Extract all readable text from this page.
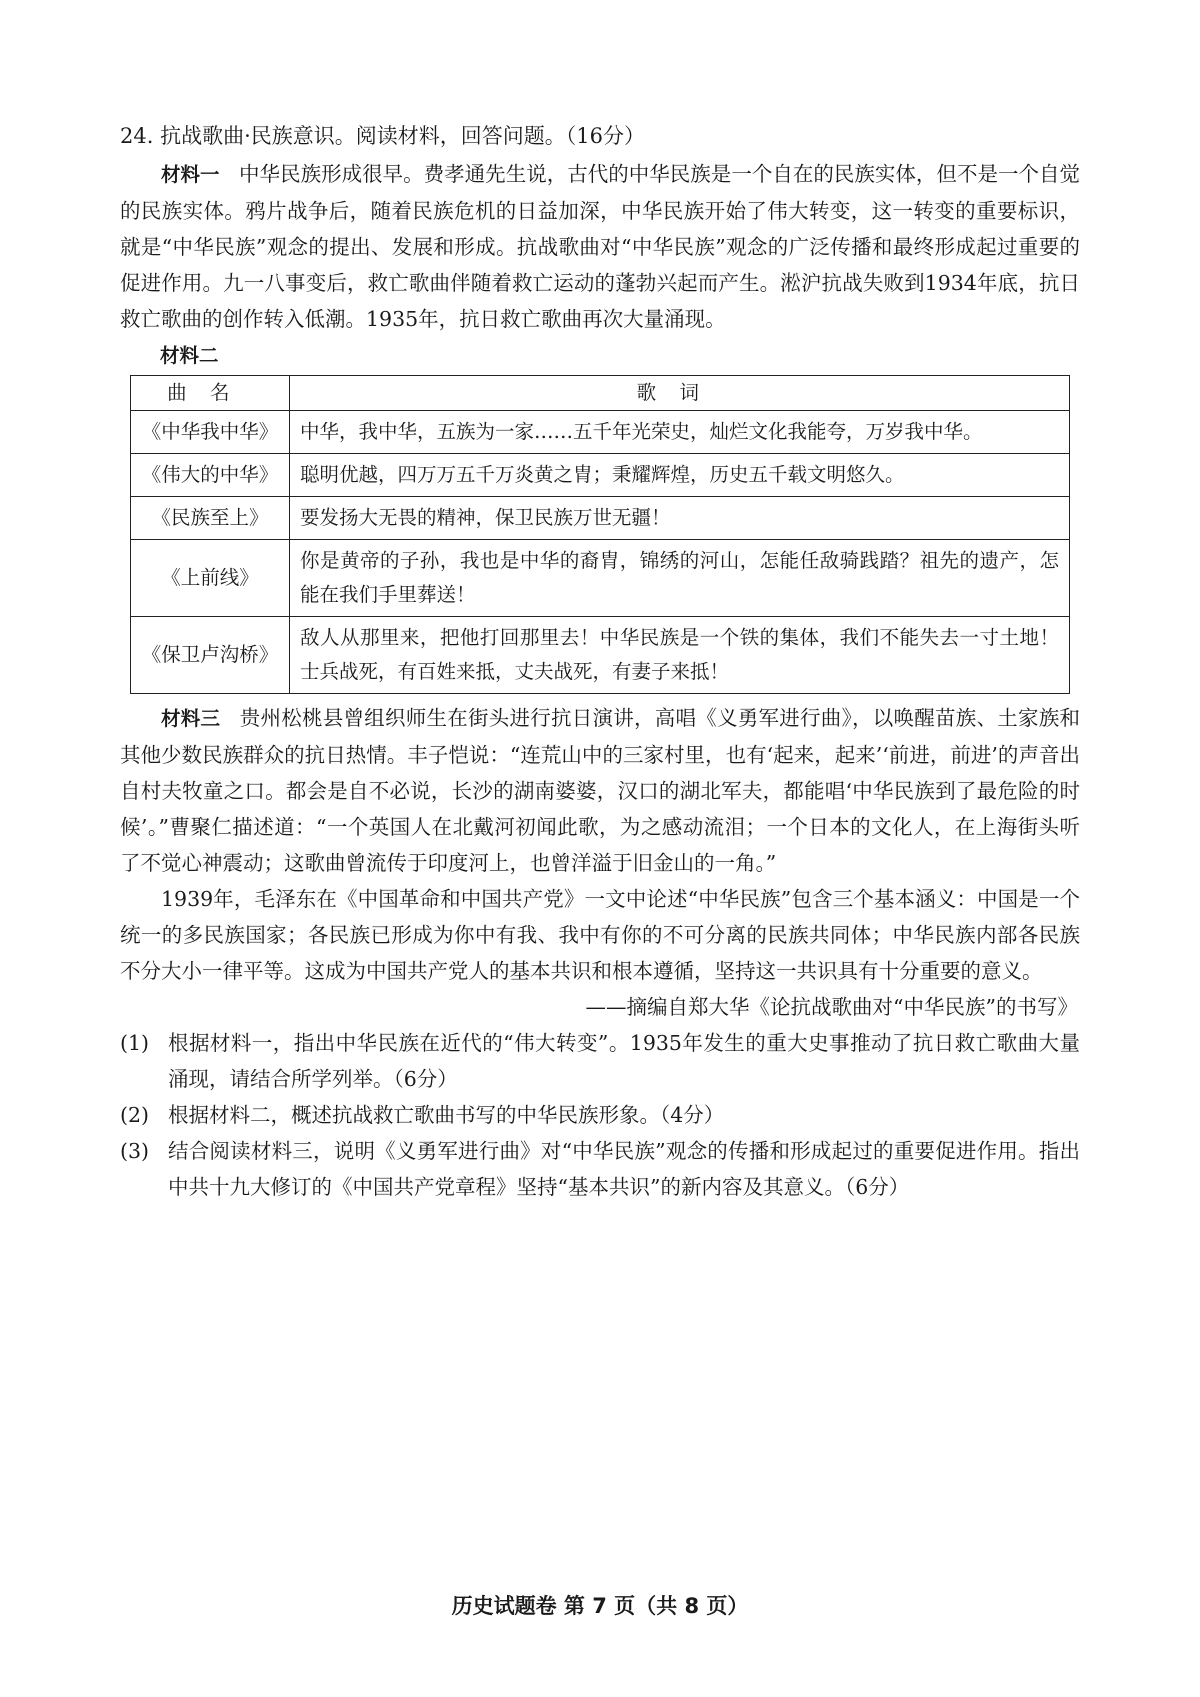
24. 抗战歌曲·民族意识。阅读材料，回答问题。（16分）

材料一 中华民族形成很早。费孝通先生说，古代的中华民族是一个自在的民族实体，但不是一个自觉的民族实体。鸦片战争后，随着民族危机的日益加深，中华民族开始了伟大转变，这一转变的重要标识，就是“中华民族”观念的提出、发展和形成。抗战歌曲对“中华民族”观念的广泛传播和最终形成起过重要的促进作用。九一八事变后，救亡歌曲伴随着救亡运动的蓬勃兴起而产生。淞沪抗战失败到1934年底，抗日救亡歌曲的创作转入低潮。1935年，抗日救亡歌曲再次大量涌现。

材料二

曲名	歌词
《中华我中华》	中华，我中华，五族为一家……五千年光荣史，灿烂文化我能夸，万岁我中华。
《伟大的中华》	聪明优越，四万万五千万炎黄之胄；秉耀辉煌，历史五千载文明悠久。
《民族至上》	要发扬大无畏的精神，保卫民族万世无疆！
《上前线》	你是黄帝的子孙，我也是中华的裔胄，锦绣的河山，怎能任敌骑践踏？祖先的遗产，怎能在我们手里葬送！
《保卫卢沟桥》	敌人从那里来，把他打回那里去！中华民族是一个铁的集体，我们不能失去一寸土地！士兵战死，有百姓来抵，丈夫战死，有妻子来抵！

材料三 贵州松桃县曾组织师生在街头进行抗日演讲，高唱《义勇军进行曲》，以唤醒苗族、土家族和其他少数民族群众的抗日热情。丰子恺说：“连荒山中的三家村里，也有‘起来，起来’‘前进，前进’的声音出自村夫牧童之口。都会是自不必说，长沙的湖南婆婆，汉口的湖北军夫，都能唱‘中华民族到了最危险的时候’。”曹聚仁描述道：“一个英国人在北戴河初闻此歌，为之感动流泪；一个日本的文化人，在上海街头听了不觉心神震动；这歌曲曾流传于印度河上，也曾洋溢于旧金山的一角。”

1939年，毛泽东在《中国革命和中国共产党》一文中论述“中华民族”包含三个基本涵义：中国是一个统一的多民族国家；各民族已形成为你中有我、我中有你的不可分离的民族共同体；中华民族内部各民族不分大小一律平等。这成为中国共产党人的基本共识和根本遵循，坚持这一共识具有十分重要的意义。

——摘编自郑大华《论抗战歌曲对“中华民族”的书写》

(1) 根据材料一，指出中华民族在近代的“伟大转变”。1935年发生的重大史事推动了抗日救亡歌曲大量涌现，请结合所学列举。（6分）
(2) 根据材料二，概述抗战救亡歌曲书写的中华民族形象。（4分）
(3) 结合阅读材料三，说明《义勇军进行曲》对“中华民族”观念的传播和形成起过的重要促进作用。指出中共十九大修订的《中国共产党章程》坚持“基本共识”的新内容及其意义。（6分）
历史试题卷 第 7 页（共 8 页）
